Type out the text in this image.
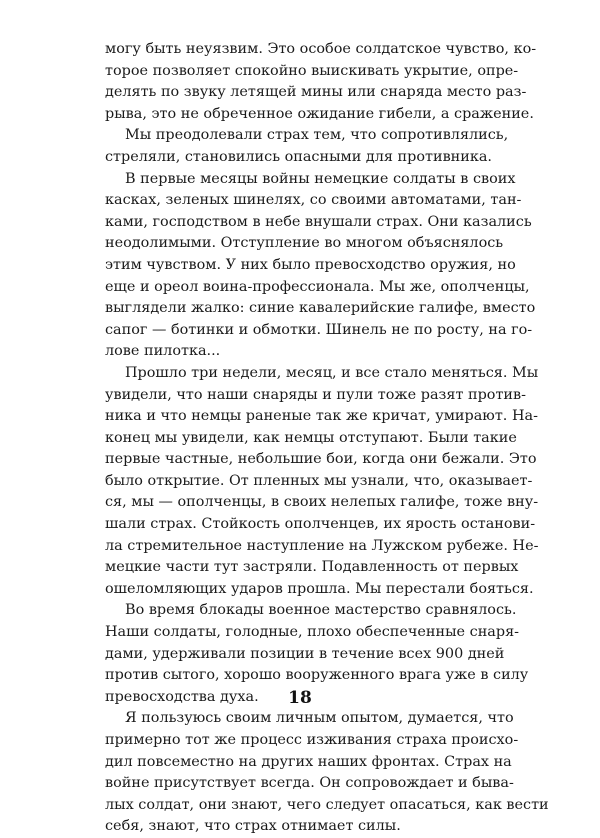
могу быть неуязвим. Это особое солдатское чувство, ко-
торое позволяет спокойно выискивать укрытие, опре-
делять по звуку летящей мины или снаряда место раз-
рыва, это не обреченное ожидание гибели, а сражение.
Мы преодолевали страх тем, что сопротивлялись,
стреляли, становились опасными для противника.
В первые месяцы войны немецкие солдаты в своих
касках, зеленых шинелях, со своими автоматами, тан-
ками, господством в небе внушали страх. Они казались
неодолимыми. Отступление во многом объяснялось
этим чувством. У них было превосходство оружия, но
еще и ореол воина-профессионала. Мы же, ополченцы,
выглядели жалко: синие кавалерийские галифе, вместо
сапог — ботинки и обмотки. Шинель не по росту, на го-
лове пилотка...
Прошло три недели, месяц, и все стало меняться. Мы
увидели, что наши снаряды и пули тоже разят против-
ника и что немцы раненые так же кричат, умирают. На-
конец мы увидели, как немцы отступают. Были такие
первые частные, небольшие бои, когда они бежали. Это
было открытие. От пленных мы узнали, что, оказывает-
ся, мы — ополченцы, в своих нелепых галифе, тоже вну-
шали страх. Стойкость ополченцев, их ярость останови-
ла стремительное наступление на Лужском рубеже. Не-
мецкие части тут застряли. Подавленность от первых
ошеломляющих ударов прошла. Мы перестали бояться.
Во время блокады военное мастерство сравнялось.
Наши солдаты, голодные, плохо обеспеченные снаря-
дами, удерживали позиции в течение всех 900 дней
против сытого, хорошо вооруженного врага уже в силу
превосходства духа.
Я пользуюсь своим личным опытом, думается, что
примерно тот же процесс изживания страха происхо-
дил повсеместно на других наших фронтах. Страх на
войне присутствует всегда. Он сопровождает и быва-
лых солдат, они знают, чего следует опасаться, как вести
себя, знают, что страх отнимает силы.
18
